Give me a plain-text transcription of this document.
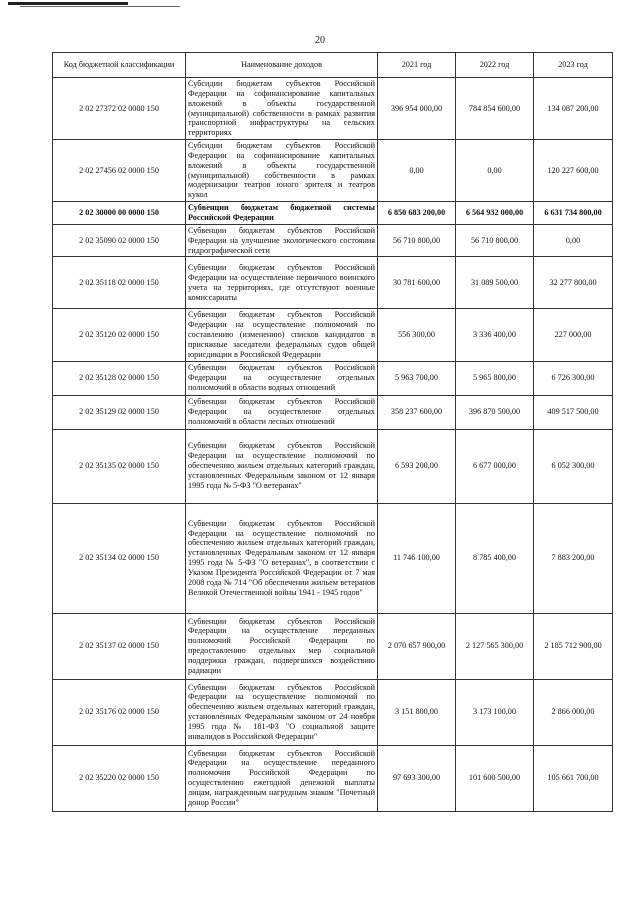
20
Код бюджетной классификации	Наименование доходов	2021 год	2022 год	2023 год
2 02 27372 02 0000 150	Субсидии бюджетам субъектов Российской Федерации на софинансирование капитальных вложений в объекты государственной (муниципальной) собственности в рамках развития транспортной инфраструктуры на сельских территориях	396 954 000,00	784 854 600,00	134 087 200,00
2 02 27456 02 0000 150	Субсидии бюджетам субъектов Российской Федерации на софинансирование капитальных вложений в объекты государственной (муниципальной) собственности в рамках модернизации театров юного зрителя и театров кукол	0,00	0,00	120 227 600,00
2 02 30000 00 0000 150	Субвенции бюджетам бюджетной системы Российской Федерации	6 850 683 200,00	6 564 932 000,00	6 631 734 800,00
2 02 35090 02 0000 150	Субвенции бюджетам субъектов Российской Федерации на улучшение экологического состояния гидрографической сети	56 710 800,00	56 710 800,00	0,00
2 02 35118 02 0000 150	Субвенции бюджетам субъектов Российской Федерации на осуществление первичного воинского учета на территориях, где отсутствуют военные комиссариаты	30 781 600,00	31 089 500,00	32 277 800,00
2 02 35120 02 0000 150	Субвенции бюджетам субъектов Российской Федерации на осуществление полномочий по составлению (изменению) списков кандидатов в присяжные заседатели федеральных судов общей юрисдикции в Российской Федерации	556 300,00	3 336 400,00	227 000,00
2 02 35128 02 0000 150	Субвенции бюджетам субъектов Российской Федерации на осуществление отдельных полномочий в области водных отношений	5 963 700,00	5 965 800,00	6 726 300,00
2 02 35129 02 0000 150	Субвенции бюджетам субъектов Российской Федерации на осуществление отдельных полномочий в области лесных отношений	358 237 600,00	396 870 500,00	409 517 500,00
2 02 35135 02 0000 150	Субвенции бюджетам субъектов Российской Федерации на осуществление полномочий по обеспечению жильем отдельных категорий граждан, установленных Федеральным законом от 12 января 1995 года № 5-ФЗ "О ветеранах"	6 593 200,00	6 677 000,00	6 052 300,00
2 02 35134 02 0000 150	Субвенции бюджетам субъектов Российской Федерации на осуществление полномочий по обеспечению жильем отдельных категорий граждан, установленных Федеральным законом от 12 января 1995 года № 5-ФЗ "О ветеранах", в соответствии с Указом Президента Российской Федерации от 7 мая 2008 года № 714 "Об обеспечении жильем ветеранов Великой Отечественной войны 1941 - 1945 годов"	11 746 100,00	8 785 400,00	7 883 200,00
2 02 35137 02 0000 150	Субвенции бюджетам субъектов Российской Федерации на осуществление переданных полномочий Российской Федерации по предоставлению отдельных мер социальной поддержки граждан, подвергшихся воздействию радиации	2 070 657 900,00	2 127 565 300,00	2 185 712 900,00
2 02 35176 02 0000 150	Субвенции бюджетам субъектов Российской Федерации на осуществление полномочий по обеспечению жильем отдельных категорий граждан, установленных Федеральным законом от 24 ноября 1995 года № 181-ФЗ "О социальной защите инвалидов в Российской Федерации"	3 151 800,00	3 173 100,00	2 866 000,00
2 02 35220 02 0000 150	Субвенции бюджетам субъектов Российской Федерации на осуществление переданного полномочия Российской Федерации по осуществлению ежегодной денежной выплаты лицам, награжденным нагрудным знаком "Почетный донор России"	97 693 300,00	101 600 500,00	105 661 700,00
